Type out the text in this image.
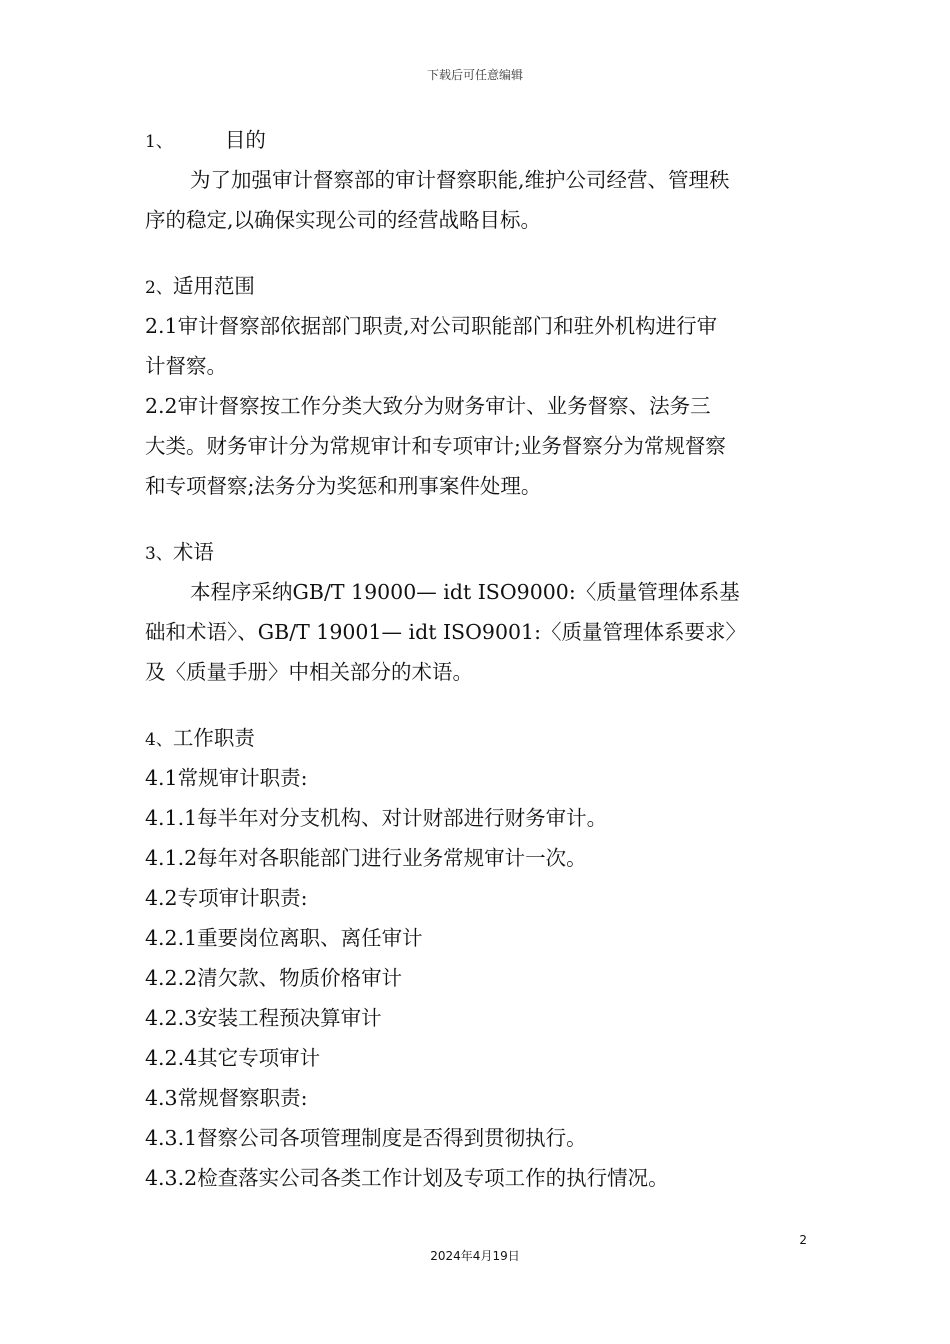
下载后可任意编辑
1、	目的
为了加强审计督察部的审计督察职能,维护公司经营、管理秩
序的稳定,以确保实现公司的经营战略目标。
2、适用范围
2.1审计督察部依据部门职责,对公司职能部门和驻外机构进行审
计督察。
2.2审计督察按工作分类大致分为财务审计、业务督察、法务三
大类。财务审计分为常规审计和专项审计;业务督察分为常规督察
和专项督察;法务分为奖惩和刑事案件处理。
3、术语
本程序采纳GB/T 19000— idt ISO9000:〈质量管理体系基
础和术语〉、GB/T 19001— idt ISO9001:〈质量管理体系要求〉
及〈质量手册〉中相关部分的术语。
4、工作职责
4.1常规审计职责:
4.1.1每半年对分支机构、对计财部进行财务审计。
4.1.2每年对各职能部门进行业务常规审计一次。
4.2专项审计职责:
4.2.1重要岗位离职、离任审计
4.2.2清欠款、物质价格审计
4.2.3安装工程预决算审计
4.2.4其它专项审计
4.3常规督察职责:
4.3.1督察公司各项管理制度是否得到贯彻执行。
4.3.2检查落实公司各类工作计划及专项工作的执行情况。
2
2024年4月19日
